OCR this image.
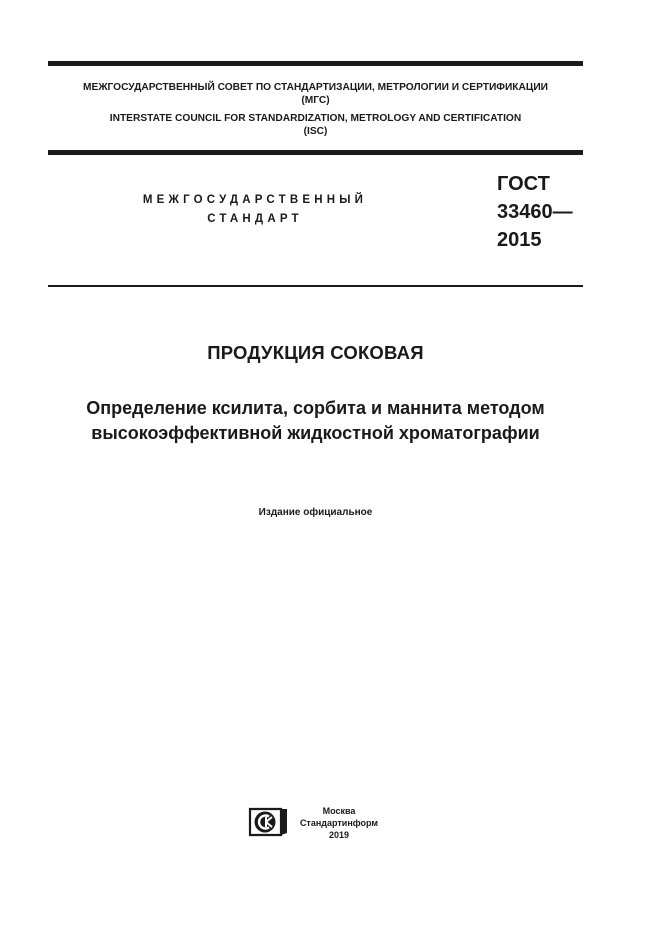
МЕЖГОСУДАРСТВЕННЫЙ СОВЕТ ПО СТАНДАРТИЗАЦИИ, МЕТРОЛОГИИ И СЕРТИФИКАЦИИ
(МГС)
INTERSTATE COUNCIL FOR STANDARDIZATION, METROLOGY AND CERTIFICATION
(ISC)
МЕЖГОСУДАРСТВЕННЫЙ
СТАНДАРТ
ГОСТ
33460—
2015
ПРОДУКЦИЯ СОКОВАЯ
Определение ксилита, сорбита и маннита методом
высокоэффективной жидкостной хроматографии
Издание официальное
Москва
Стандартинформ
2019
